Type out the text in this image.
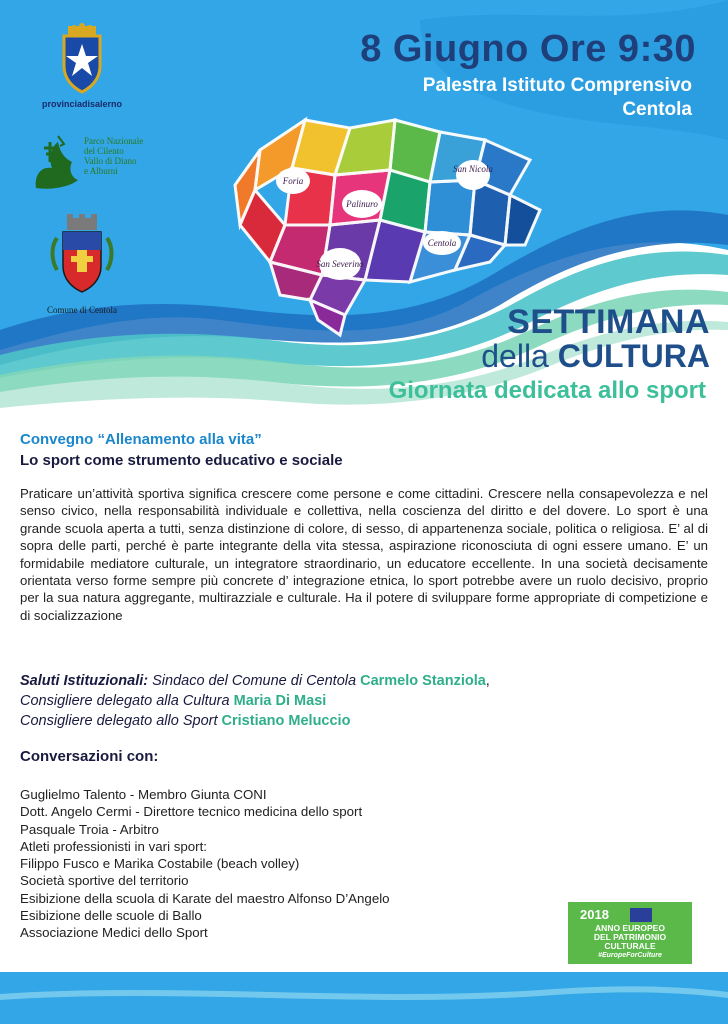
Foria
Palinuro
San Nicola
Centola
San Severino
provinciadisalerno
Parco Nazionale
del Cilento
Vallo di Diano
e Alburni
Comune di Centola
8 Giugno Ore 9:30
Palestra Istituto Comprensivo
Centola
SETTIMANA
della CULTURA
Giornata dedicata allo sport
Convegno “Allenamento alla vita”
Lo sport come strumento educativo e sociale

Praticare un’attività sportiva significa crescere come persone e come cittadini. Crescere nella consapevolezza e nel senso civico, nella responsabilità individuale e collettiva, nella coscienza del diritto e del dovere. Lo sport è una grande scuola aperta a tutti, senza distinzione di colore, di sesso, di appartenenza sociale, politica o religiosa. E’ al di sopra delle parti, perché è parte integrante della vita stessa, aspirazione riconosciuta di ogni essere umano. E’ un formidabile mediatore culturale, un integratore straordinario, un educatore eccellente. In una società decisamente orientata verso forme sempre più concrete d’ integrazione etnica, lo sport potrebbe avere un ruolo decisivo, proprio per la sua natura aggregante, multirazziale e culturale. Ha il potere di sviluppare forme appropriate di competizione e di socializzazione

Saluti Istituzionali: Sindaco del Comune di Centola Carmelo Stanziola,
Consigliere delegato alla Cultura Maria Di Masi
Consigliere delegato allo Sport Cristiano Meluccio
Conversazioni con:
Guglielmo Talento - Membro Giunta CONI
Dott. Angelo Cermi - Direttore tecnico medicina dello sport
Pasquale Troia - Arbitro
Atleti professionisti in vari sport:
Filippo Fusco e Marika Costabile (beach volley)
Società sportive del territorio
Esibizione della scuola di Karate del maestro Alfonso D’Angelo
Esibizione delle scuole di Ballo
Associazione Medici dello Sport
2018
ANNO EUROPEO
DEL PATRIMONIO
CULTURALE
#EuropeForCulture
